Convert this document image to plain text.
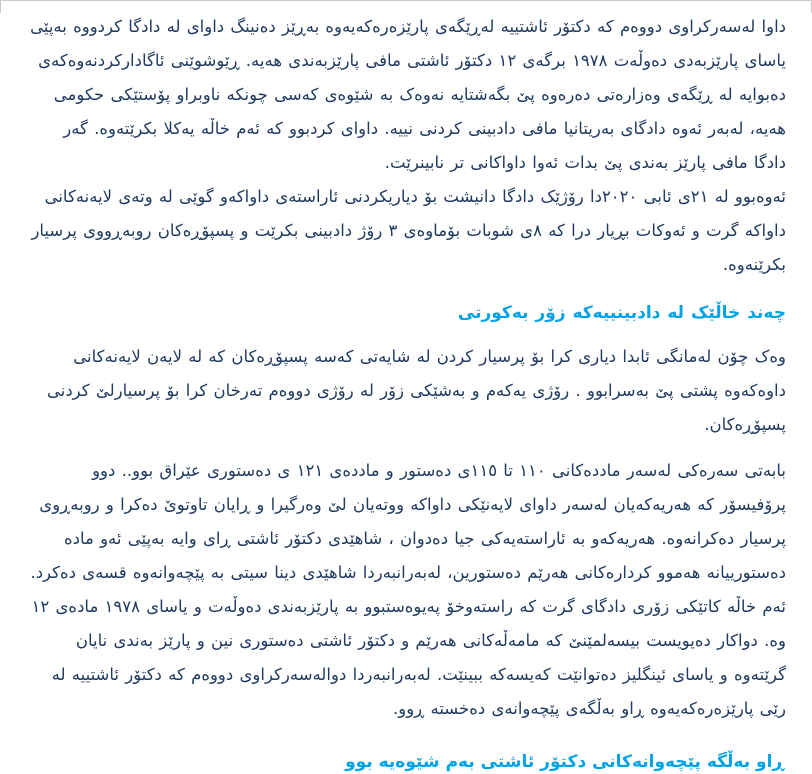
داوا لەسەرکراوی دووەم کە دکتۆر ئاشتییە لەڕێگەی پارێزەرەکەیەوە بەڕێز دەنینگ داوای لە دادگا کردووە بەپێی یاسای پارێزبەدی دەوڵەت ١٩٧٨ برگەی ١٢ دکتۆر ئاشتی مافی پارێزبەندی هەیە. ڕێوشوێنی ئاگادارکردنەوەکەی دەبوایە لە ڕێگەی وەزارەتی دەرەوە پێ بگەشتایە نەوەک بە شێوەی کەسی چونکە ناوبراو پۆستێکی حکومی هەیە، لەبەر ئەوە دادگای بەریتانیا مافی دادبینی کردنی نییە. داوای کردبوو کە ئەم خاڵە یەکلا بکرێتەوە. گەر دادگا مافی پارێز بەندی پێ بدات ئەوا داواکانی تر نابینرێت.

ئەوەبوو لە ٢١ی ئابی ٢٠٢٠دا رۆژێک دادگا دانیشت بۆ دیاریکردنی ئاراستەی داواکەو گوێی لە وتەی لایەنەکانی داواکە گرت و ئەوکات بڕیار درا کە ٨ی شوبات بۆماوەی ٣ رۆژ دادبینی بکرێت و پسپۆڕەکان روبەڕووی پرسیار بکرێنەوە.

چەند خاڵێک لە دادبینییەکە زۆر بەکورتی

وەک چۆن لەمانگی ئابدا دیاری کرا بۆ پرسیار کردن لە شایەتی کەسە پسپۆڕەکان کە لە لایەن لایەنەکانی داوەکەوە پشتی پێ بەسرابوو . رۆژی یەکەم و بەشێکی زۆر لە رۆژی دووەم تەرخان کرا بۆ پرسیارلێ کردنی پسپۆڕەکان.

بابەتی سەرەکی لەسەر ماددەکانی ١١٠ تا ١١٥ی دەستور و ماددەی ١٢١ ی دەستوری عێراق بوو.. دوو پرۆفیسۆر کە هەریەکەیان لەسەر داوای لایەنێکی داواکە ووتەیان لێ وەرگیرا و ڕایان تاوتوێ دەکرا و روبەڕوی پرسیار دەکرانەوە. هەریەکەو بە ئاراستەیەکی جیا دەدوان ، شاهێدی دکتۆر ئاشتی ڕای وایە بەپێی ئەو مادە دەستورییانە هەموو کردارەکانی هەرێم دەستورین، لەبەرانبەردا شاهێدی دینا سیتی بە پێچەوانەوە قسەی دەکرد. ئەم خاڵە کاتێکی زۆری دادگای گرت کە راستەوخۆ پەیوەستبوو بە پارێزبەندی دەوڵەت و یاسای ١٩٧٨ مادەی ١٢ وە. دواکار دەیویست بیسەلمێنێ کە مامەڵەکانی هەرێم و دکتۆر ئاشتی دەستوری نین و پارێز بەندی نایان گرێتەوە و یاسای ئینگلیز دەتوانێت کەیسەکە ببینێت. لەبەرانبەردا دوالەسەرکراوی دووەم کە دکتۆر ئاشتییە لە رێی پارێزەرەکەیەوە ڕاو بەڵگەی پێچەوانەی دەخستە ڕوو.

ڕاو بەڵگە پێچەوانەکانی دکتۆر ئاشتی بەم شێوەیە بوو
